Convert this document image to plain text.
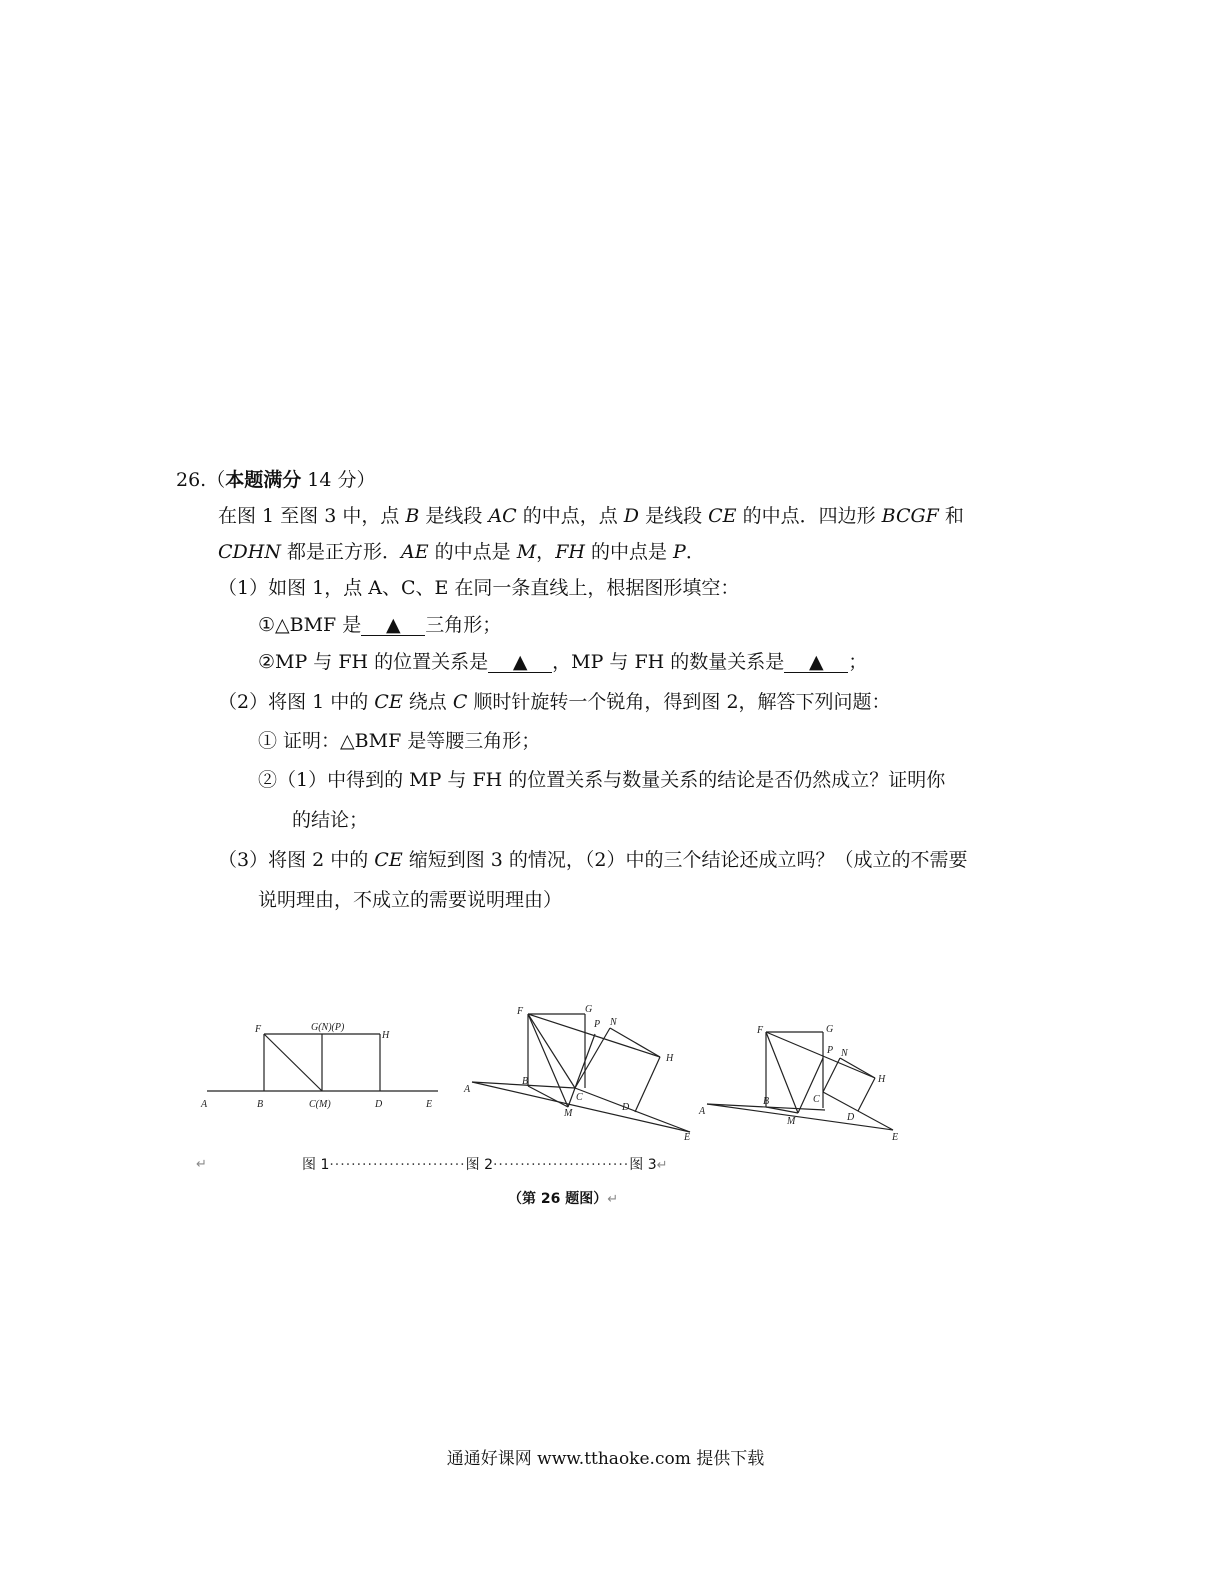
26.（本题满分 14 分）
在图 1 至图 3 中，点 B 是线段 AC 的中点，点 D 是线段 CE 的中点．四边形 BCGF 和
CDHN 都是正方形．AE 的中点是 M，FH 的中点是 P．
（1）如图 1，点 A、C、E 在同一条直线上，根据图形填空：
①△BMF 是 ▲ 三角形；
②MP 与 FH 的位置关系是 ▲ ，MP 与 FH 的数量关系是 ▲ ；
（2）将图 1 中的 CE 绕点 C 顺时针旋转一个锐角，得到图 2，解答下列问题：
① 证明：△BMF 是等腰三角形；
②（1）中得到的 MP 与 FH 的位置关系与数量关系的结论是否仍然成立？证明你
的结论；
（3）将图 2 中的 CE 缩短到图 3 的情况，（2）中的三个结论还成立吗？（成立的不需要
说明理由，不成立的需要说明理由）
A	B	C(M)	D	E
F	G(N)(P)
H
A
B
C
D
E
F	G
H
M
N
P
A
B	C
D
E
F	G
H
M
N
P
↵	图 1·························图 2·························图 3↵
（第 26 题图）↵
通通好课网 www.tthaoke.com 提供下载
